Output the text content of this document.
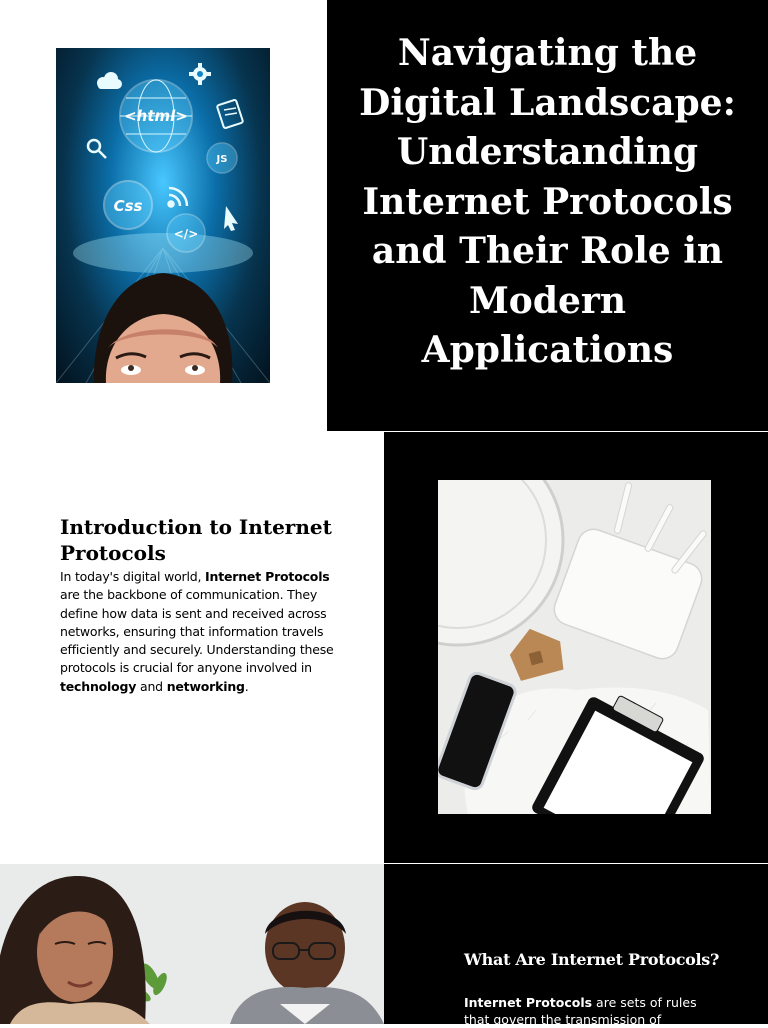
<html>
Css
JS
</>
Navigating the Digital Landscape: Understanding Internet Protocols and Their Role in Modern Applications
Introduction to Internet Protocols

In today's digital world, Internet Protocols are the backbone of communication. They define how data is sent and received across networks, ensuring that information travels efficiently and securely. Understanding these protocols is crucial for anyone involved in technology and networking.

What Are Internet Protocols?

Internet Protocols are sets of rules that govern the transmission of
